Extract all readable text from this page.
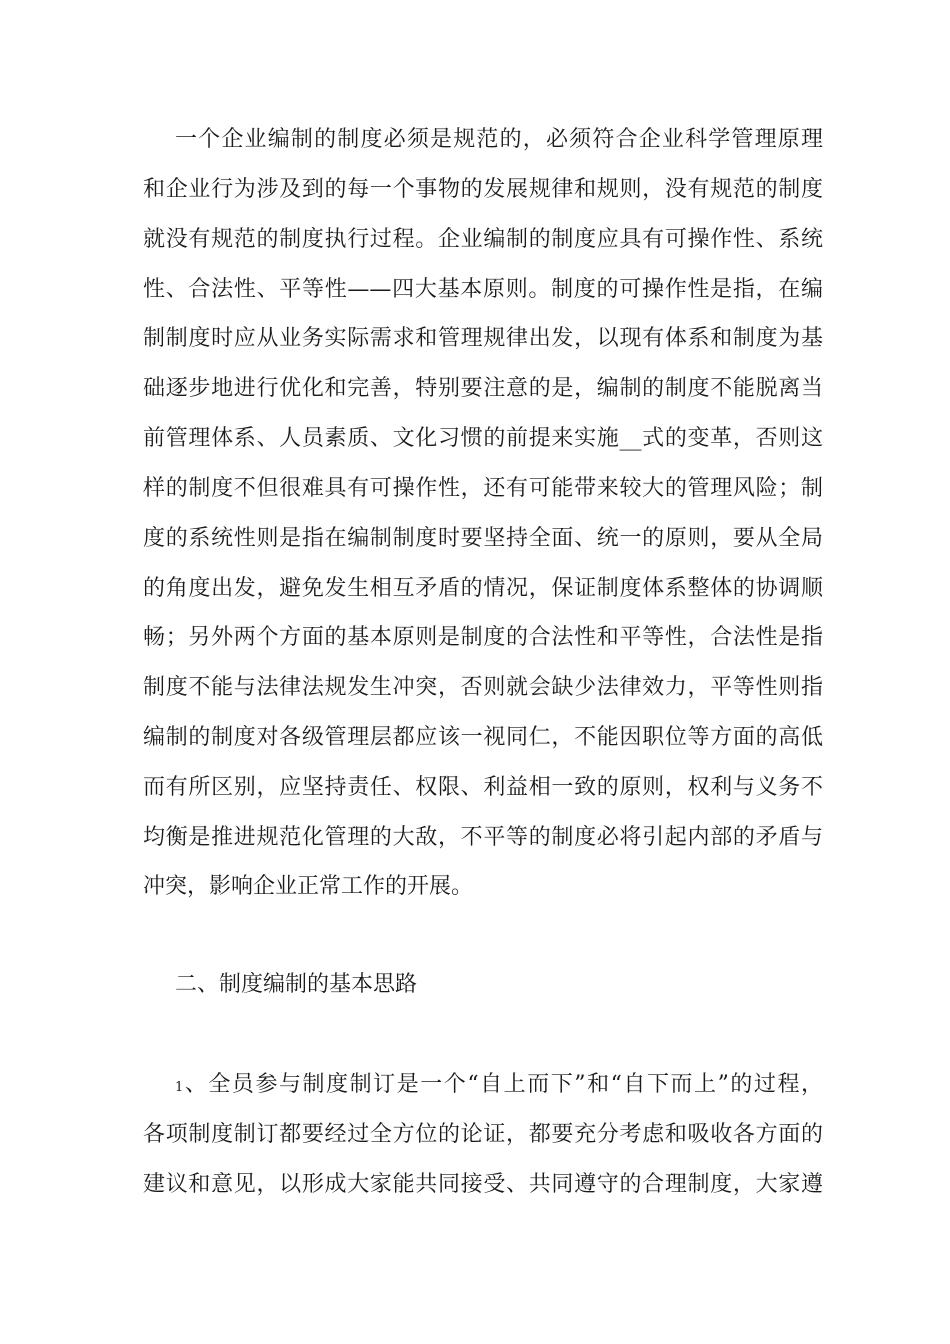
一个企业编制的制度必须是规范的，必须符合企业科学管理原理
和企业行为涉及到的每一个事物的发展规律和规则，没有规范的制度
就没有规范的制度执行过程。企业编制的制度应具有可操作性、系统
性、合法性、平等性——四大基本原则。制度的可操作性是指，在编
制制度时应从业务实际需求和管理规律出发，以现有体系和制度为基
础逐步地进行优化和完善，特别要注意的是，编制的制度不能脱离当
前管理体系、人员素质、文化习惯的前提来实施__式的变革，否则这
样的制度不但很难具有可操作性，还有可能带来较大的管理风险；制
度的系统性则是指在编制制度时要坚持全面、统一的原则，要从全局
的角度出发，避免发生相互矛盾的情况，保证制度体系整体的协调顺
畅；另外两个方面的基本原则是制度的合法性和平等性，合法性是指
制度不能与法律法规发生冲突，否则就会缺少法律效力，平等性则指
编制的制度对各级管理层都应该一视同仁，不能因职位等方面的高低
而有所区别，应坚持责任、权限、利益相一致的原则，权利与义务不
均衡是推进规范化管理的大敌，不平等的制度必将引起内部的矛盾与
冲突，影响企业正常工作的开展。
二、制度编制的基本思路
1、全员参与制度制订是一个“自上而下”和“自下而上”的过程，
各项制度制订都要经过全方位的论证，都要充分考虑和吸收各方面的
建议和意见，以形成大家能共同接受、共同遵守的合理制度，大家遵
